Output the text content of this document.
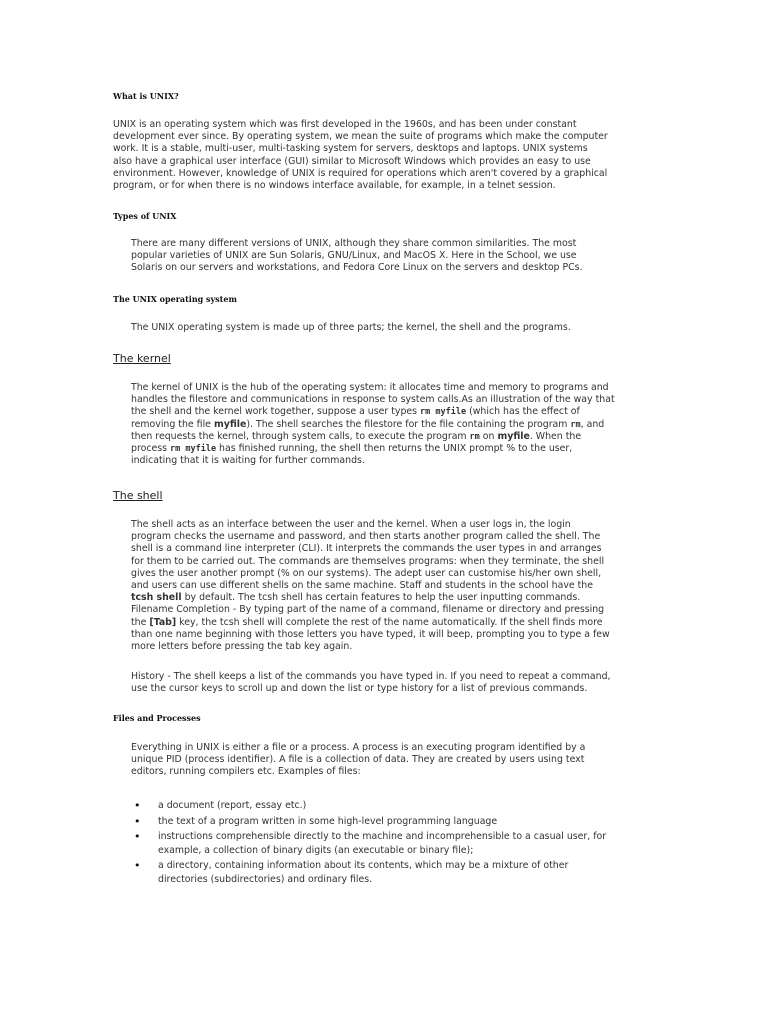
What is UNIX?

UNIX is an operating system which was first developed in the 1960s, and has been under constant
development ever since. By operating system, we mean the suite of programs which make the computer
work. It is a stable, multi-user, multi-tasking system for servers, desktops and laptops. UNIX systems
also have a graphical user interface (GUI) similar to Microsoft Windows which provides an easy to use
environment. However, knowledge of UNIX is required for operations which aren't covered by a graphical
program, or for when there is no windows interface available, for example, in a telnet session.

Types of UNIX

There are many different versions of UNIX, although they share common similarities. The most
popular varieties of UNIX are Sun Solaris, GNU/Linux, and MacOS X. Here in the School, we use
Solaris on our servers and workstations, and Fedora Core Linux on the servers and desktop PCs.

The UNIX operating system

The UNIX operating system is made up of three parts; the kernel, the shell and the programs.

The kernel

The kernel of UNIX is the hub of the operating system: it allocates time and memory to programs and
handles the filestore and communications in response to system calls.As an illustration of the way that
the shell and the kernel work together, suppose a user types rm myfile (which has the effect of
removing the file myfile). The shell searches the filestore for the file containing the program rm, and
then requests the kernel, through system calls, to execute the program rm on myfile. When the
process rm myfile has finished running, the shell then returns the UNIX prompt % to the user,
indicating that it is waiting for further commands.

The shell

The shell acts as an interface between the user and the kernel. When a user logs in, the login
program checks the username and password, and then starts another program called the shell. The
shell is a command line interpreter (CLI). It interprets the commands the user types in and arranges
for them to be carried out. The commands are themselves programs: when they terminate, the shell
gives the user another prompt (% on our systems). The adept user can customise his/her own shell,
and users can use different shells on the same machine. Staff and students in the school have the
tcsh shell by default. The tcsh shell has certain features to help the user inputting commands.
Filename Completion - By typing part of the name of a command, filename or directory and pressing
the [Tab] key, the tcsh shell will complete the rest of the name automatically. If the shell finds more
than one name beginning with those letters you have typed, it will beep, prompting you to type a few
more letters before pressing the tab key again.

History - The shell keeps a list of the commands you have typed in. If you need to repeat a command,
use the cursor keys to scroll up and down the list or type history for a list of previous commands.

Files and Processes

Everything in UNIX is either a file or a process. A process is an executing program identified by a
unique PID (process identifier). A file is a collection of data. They are created by users using text
editors, running compilers etc. Examples of files:

• a document (report, essay etc.)
• the text of a program written in some high-level programming language
• instructions comprehensible directly to the machine and incomprehensible to a casual user, for
example, a collection of binary digits (an executable or binary file);
• a directory, containing information about its contents, which may be a mixture of other
directories (subdirectories) and ordinary files.
